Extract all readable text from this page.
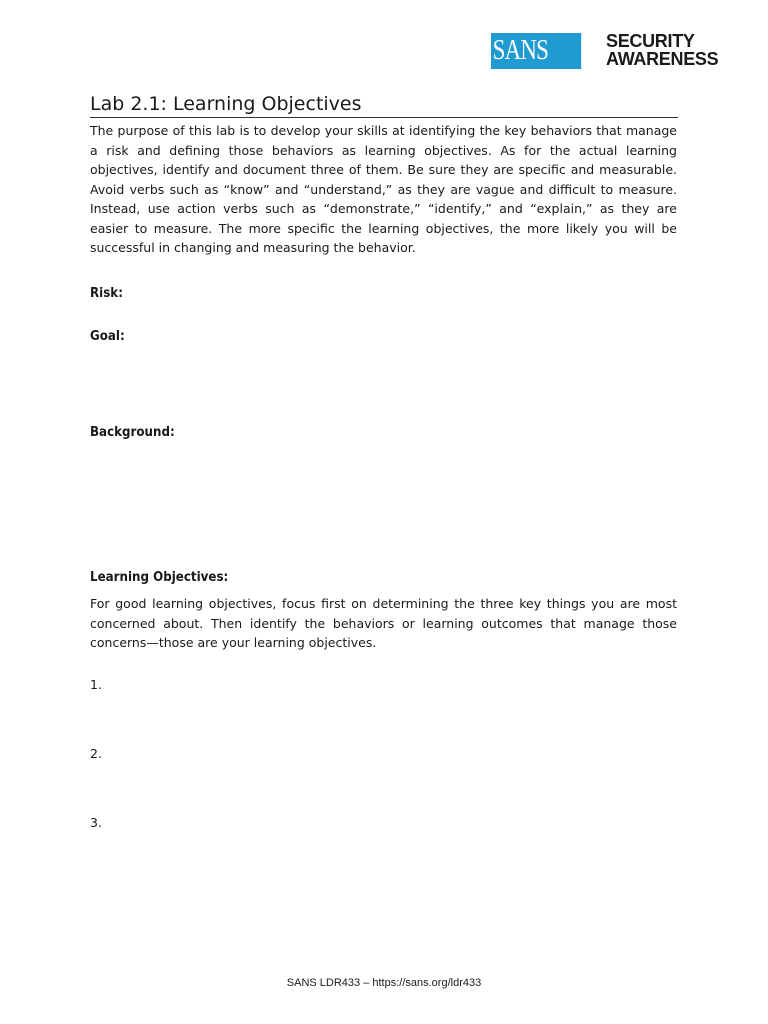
SANS	SECURITY
AWARENESS
Lab 2.1: Learning Objectives

The purpose of this lab is to develop your skills at identifying the key behaviors that manage a risk and defining those behaviors as learning objectives. As for the actual learning objectives, identify and document three of them. Be sure they are specific and measurable. Avoid verbs such as “know” and “understand,” as they are vague and difficult to measure. Instead, use action verbs such as “demonstrate,” “identify,” and “explain,” as they are easier to measure. The more specific the learning objectives, the more likely you will be successful in changing and measuring the behavior.

Risk:
Goal:
Background:
Learning Objectives:

For good learning objectives, focus first on determining the three key things you are most concerned about. Then identify the behaviors or learning outcomes that manage those concerns—those are your learning objectives.

1.
2.
3.
SANS LDR433 – https://sans.org/ldr433
